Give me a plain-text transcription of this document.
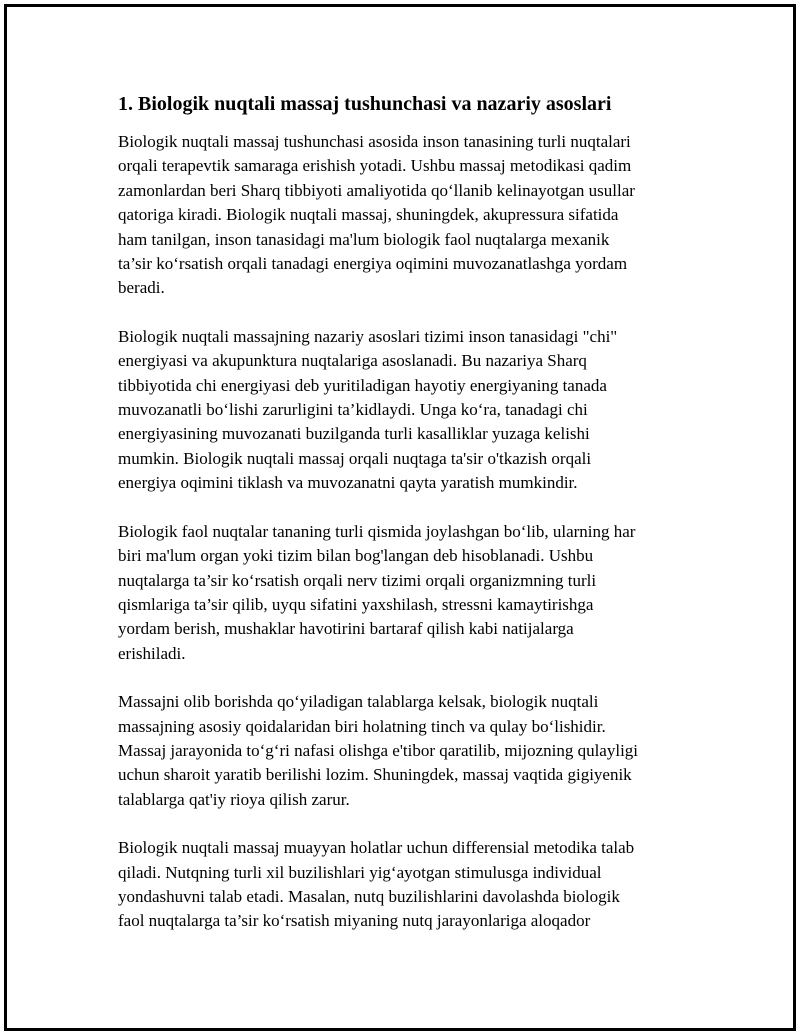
1. Biologik nuqtali massaj tushunchasi va nazariy asoslari

Biologik nuqtali massaj tushunchasi asosida inson tanasining turli nuqtalari
orqali terapevtik samaraga erishish yotadi. Ushbu massaj metodikasi qadim
zamonlardan beri Sharq tibbiyoti amaliyotida qo‘llanib kelinayotgan usullar
qatoriga kiradi. Biologik nuqtali massaj, shuningdek, akupressura sifatida
ham tanilgan, inson tanasidagi ma'lum biologik faol nuqtalarga mexanik
ta’sir ko‘rsatish orqali tanadagi energiya oqimini muvozanatlashga yordam
beradi.

Biologik nuqtali massajning nazariy asoslari tizimi inson tanasidagi "chi"
energiyasi va akupunktura nuqtalariga asoslanadi. Bu nazariya Sharq
tibbiyotida chi energiyasi deb yuritiladigan hayotiy energiyaning tanada
muvozanatli bo‘lishi zarurligini ta’kidlaydi. Unga ko‘ra, tanadagi chi
energiyasining muvozanati buzilganda turli kasalliklar yuzaga kelishi
mumkin. Biologik nuqtali massaj orqali nuqtaga ta'sir o'tkazish orqali
energiya oqimini tiklash va muvozanatni qayta yaratish mumkindir.

Biologik faol nuqtalar tananing turli qismida joylashgan bo‘lib, ularning har
biri ma'lum organ yoki tizim bilan bog'langan deb hisoblanadi. Ushbu
nuqtalarga ta’sir ko‘rsatish orqali nerv tizimi orqali organizmning turli
qismlariga ta’sir qilib, uyqu sifatini yaxshilash, stressni kamaytirishga
yordam berish, mushaklar havotirini bartaraf qilish kabi natijalarga
erishiladi.

Massajni olib borishda qo‘yiladigan talablarga kelsak, biologik nuqtali
massajning asosiy qoidalaridan biri holatning tinch va qulay bo‘lishidir.
Massaj jarayonida to‘g‘ri nafasi olishga e'tibor qaratilib, mijozning qulayligi
uchun sharoit yaratib berilishi lozim. Shuningdek, massaj vaqtida gigiyenik
talablarga qat'iy rioya qilish zarur.

Biologik nuqtali massaj muayyan holatlar uchun differensial metodika talab
qiladi. Nutqning turli xil buzilishlari yig‘ayotgan stimulusga individual
yondashuvni talab etadi. Masalan, nutq buzilishlarini davolashda biologik
faol nuqtalarga ta’sir ko‘rsatish miyaning nutq jarayonlariga aloqador
